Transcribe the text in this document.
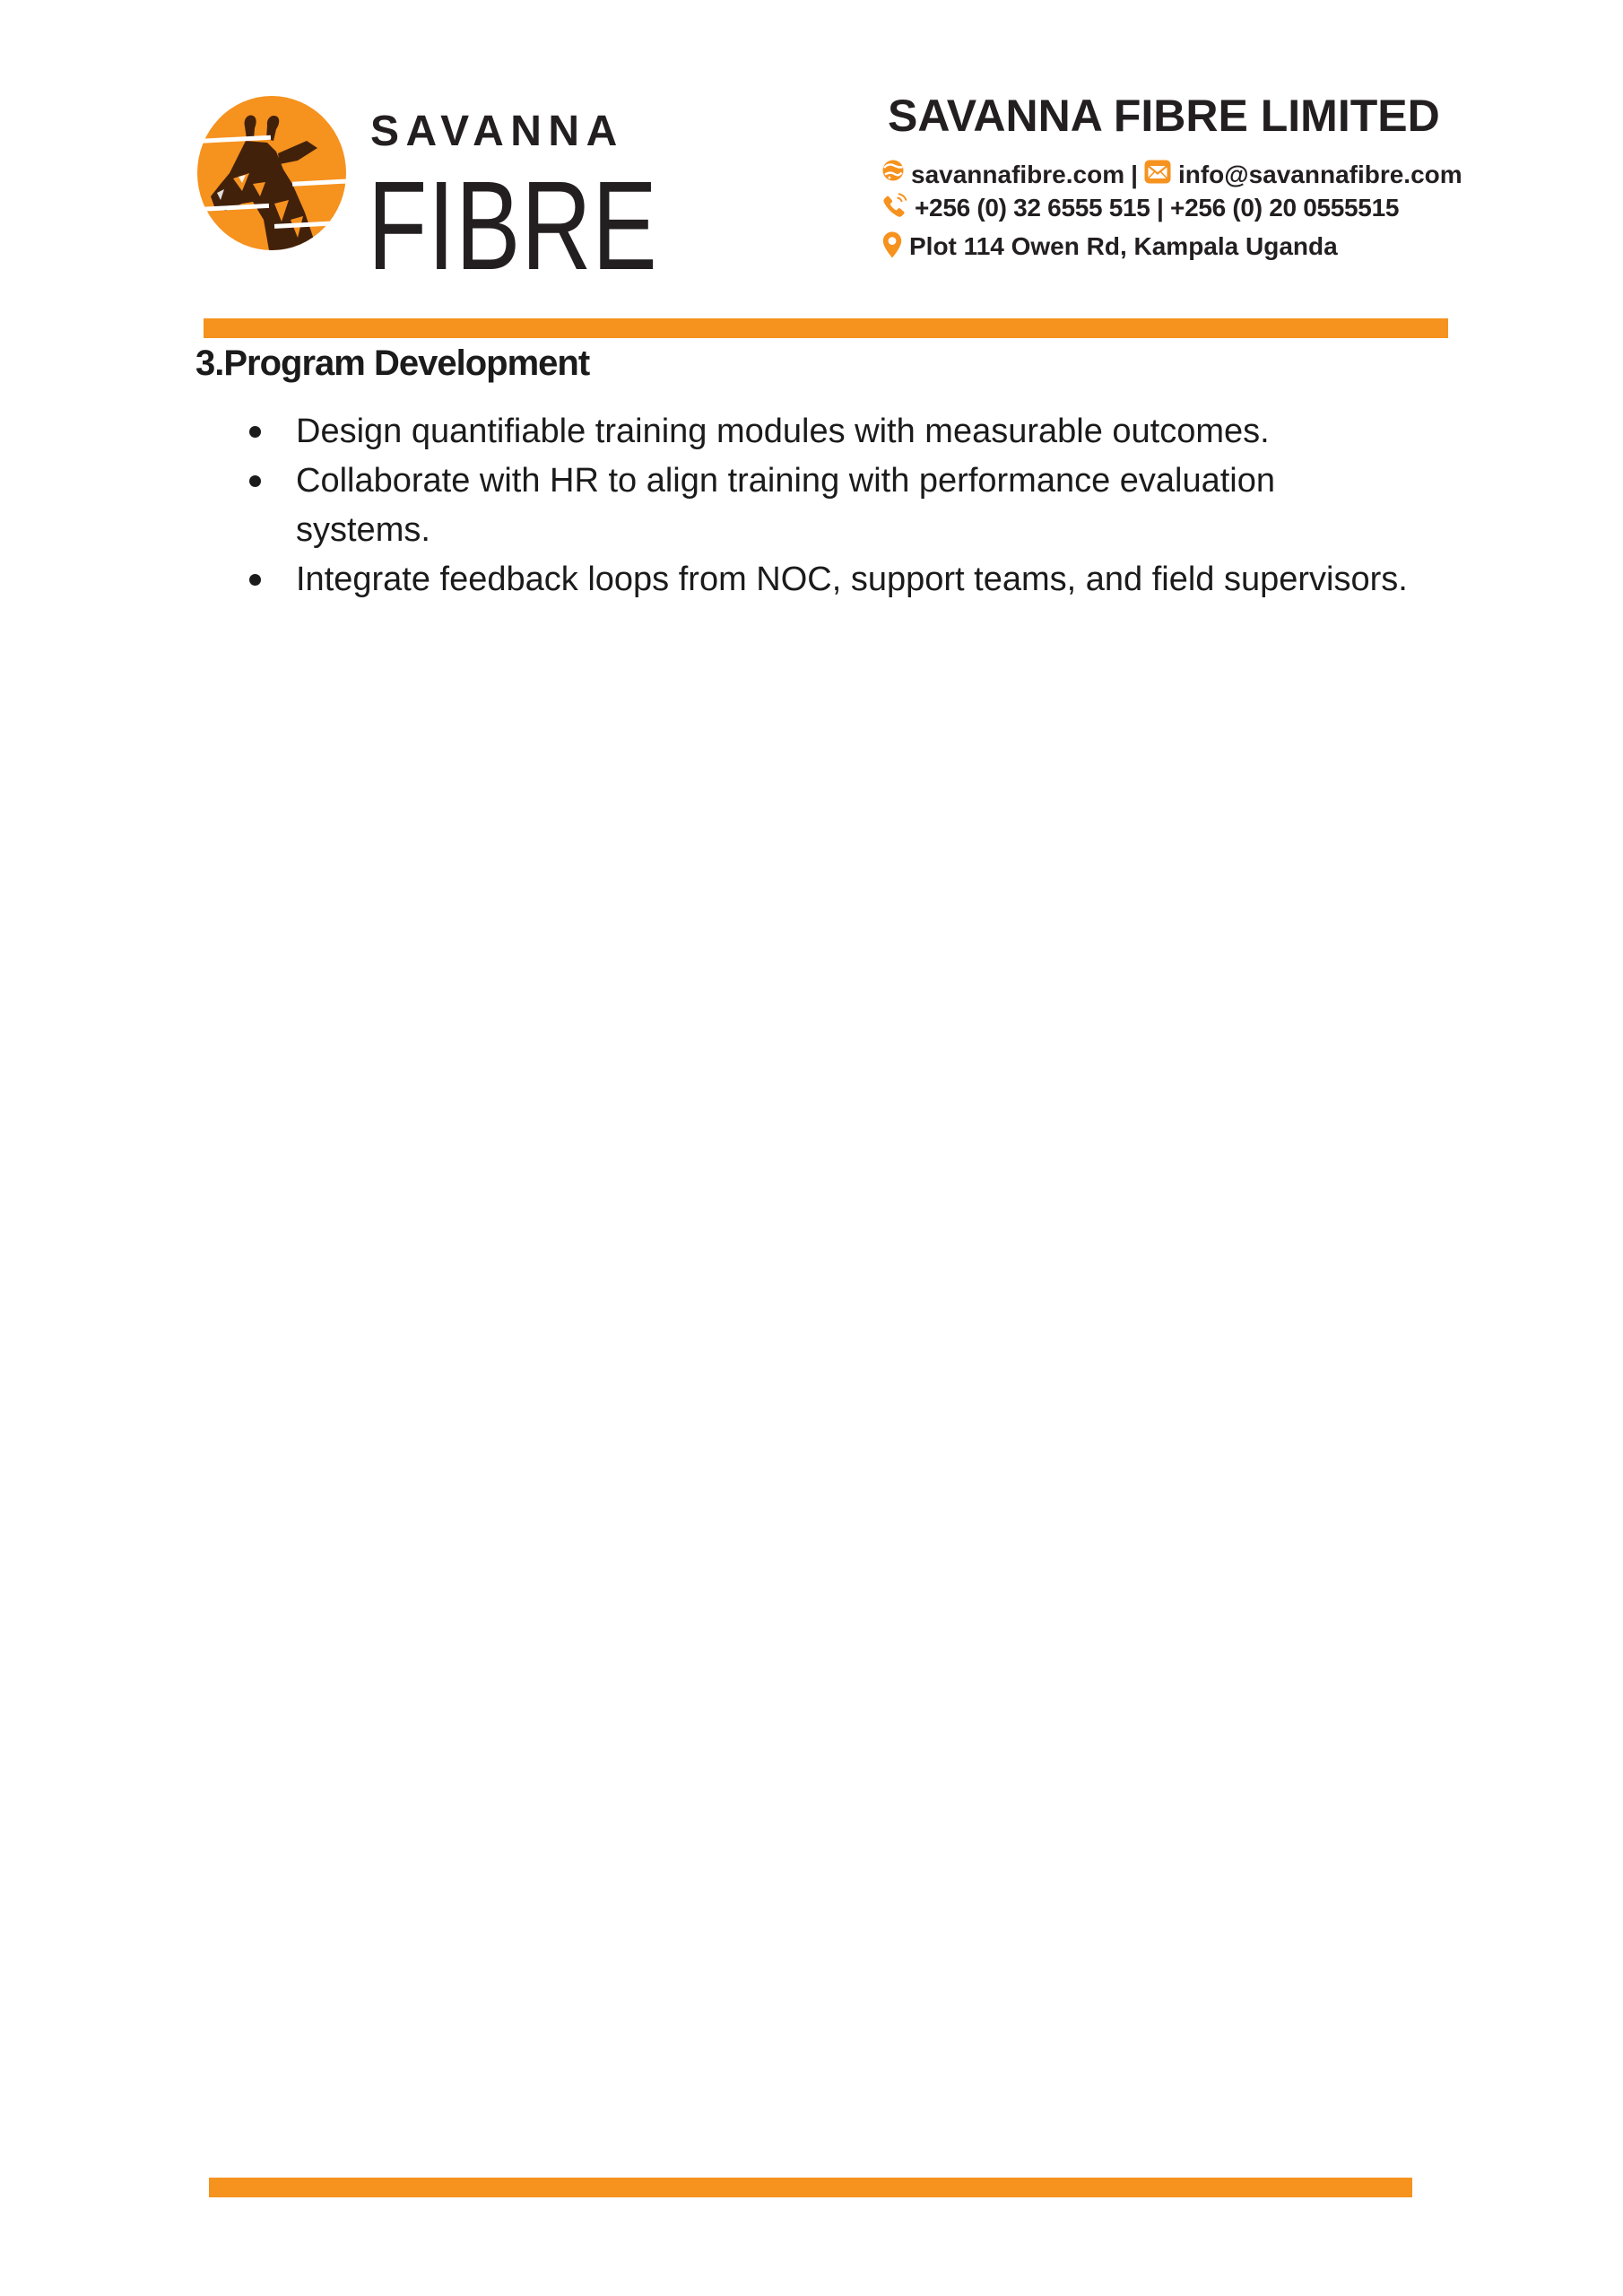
SAVANNA
FIBRE
SAVANNA FIBRE LIMITED
savannafibre.com | info@savannafibre.com
+256 (0) 32 6555 515 | +256 (0) 20 0555515
Plot 114 Owen Rd, Kampala Uganda
3.Program Development
Design quantifiable training modules with measurable outcomes.
Collaborate with HR to align training with performance evaluation
systems.
Integrate feedback loops from NOC, support teams, and field supervisors.
